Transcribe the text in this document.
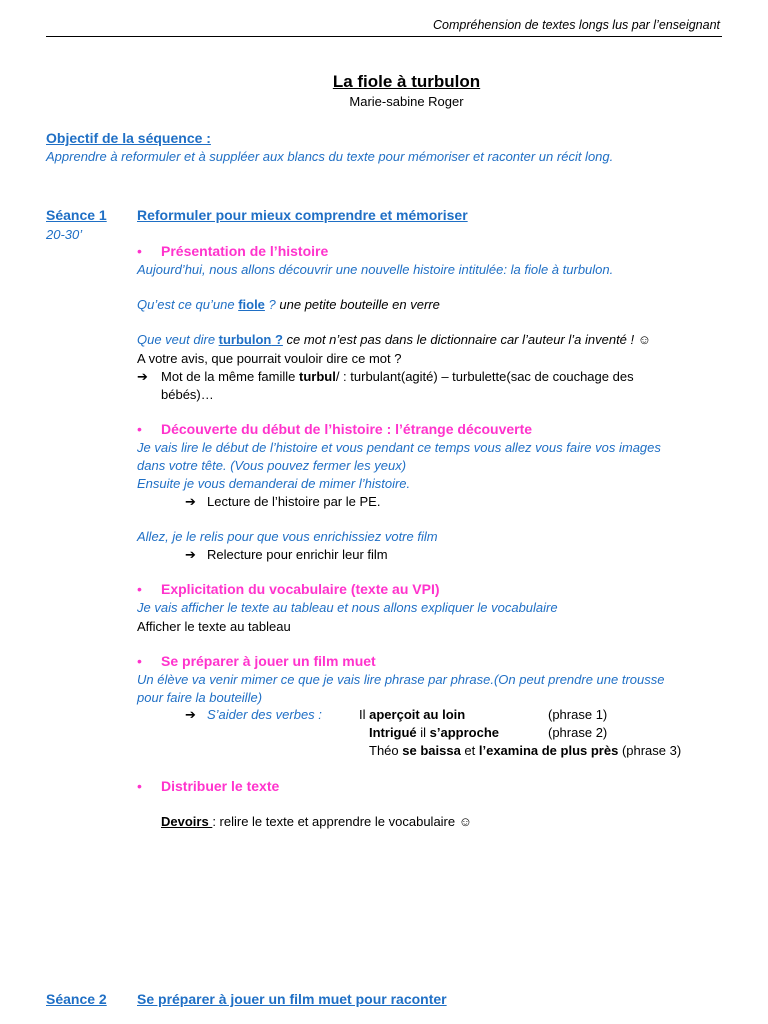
Compréhension de textes longs lus par l’enseignant
La fiole à turbulon
Marie-sabine Roger
Objectif de la séquence :
Apprendre à reformuler et à suppléer aux blancs du texte pour mémoriser et raconter un récit long.
Séance 1 Reformuler pour mieux comprendre et mémoriser
20-30’
• Présentation de l’histoire
Aujourd’hui, nous allons découvrir une nouvelle histoire intitulée: la fiole à turbulon.
Qu’est ce qu’une fiole ? une petite bouteille en verre
Que veut dire turbulon ? ce mot n’est pas dans le dictionnaire car l’auteur l’a inventé ! ☺
A votre avis, que pourrait vouloir dire ce mot ?
➔ Mot de la même famille turbul/ : turbulant(agité) – turbulette(sac de couchage des
bébés)…
• Découverte du début de l’histoire : l’étrange découverte
Je vais lire le début de l’histoire et vous pendant ce temps vous allez vous faire vos images
dans votre tête. (Vous pouvez fermer les yeux)
Ensuite je vous demanderai de mimer l’histoire.
➔ Lecture de l’histoire par le PE.
Allez, je le relis pour que vous enrichissiez votre film
➔ Relecture pour enrichir leur film
• Explicitation du vocabulaire (texte au VPI)
Je vais afficher le texte au tableau et nous allons expliquer le vocabulaire
Afficher le texte au tableau
• Se préparer à jouer un film muet
Un élève va venir mimer ce que je vais lire phrase par phrase.(On peut prendre une trousse
pour faire la bouteille)
➔ S’aider des verbes :	Il aperçoit au loin	(phrase 1)
Intrigué il s’approche	(phrase 2)
Théo se baissa et l’examina de plus près (phrase 3)
• Distribuer le texte
Devoirs : relire le texte et apprendre le vocabulaire ☺
Séance 2 Se préparer à jouer un film muet pour raconter
